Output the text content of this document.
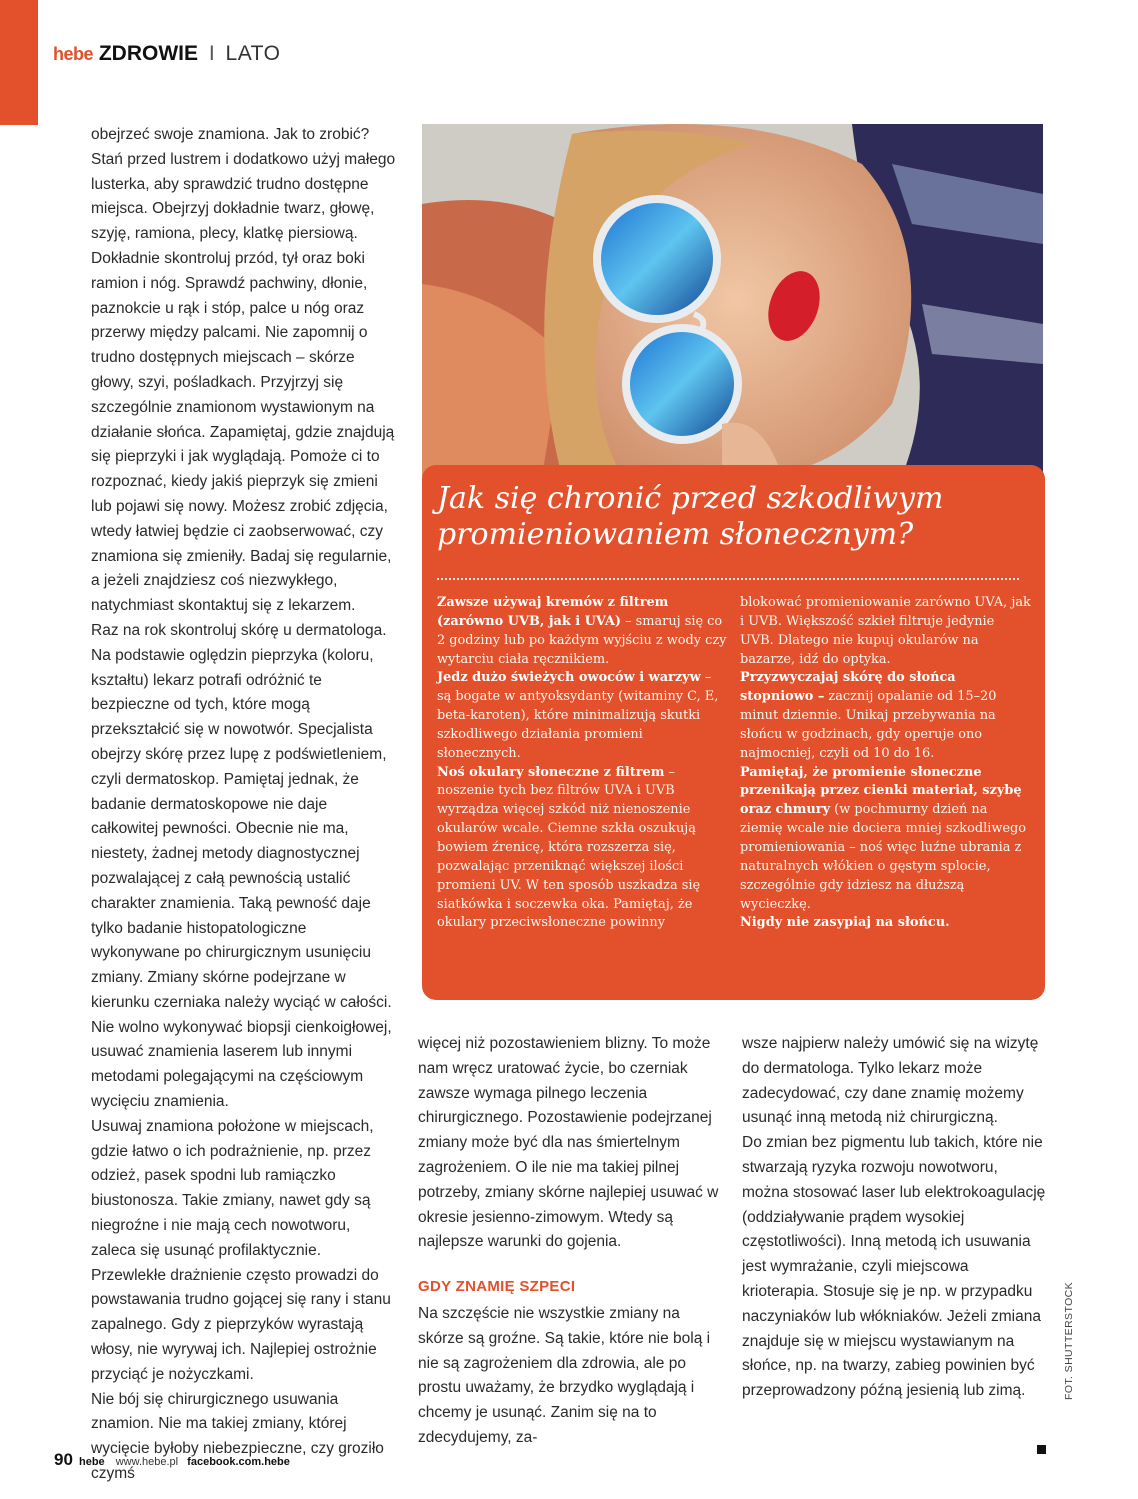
hebe ZDROWIE I LATO

obejrzeć swoje znamiona. Jak to zrobić? Stań przed lustrem i dodatkowo użyj małego lusterka, aby sprawdzić trudno dostępne miejsca. Obejrzyj dokładnie twarz, głowę, szyję, ramiona, plecy, klatkę piersiową. Dokładnie skontroluj przód, tył oraz boki ramion i nóg. Sprawdź pachwiny, dłonie, paznokcie u rąk i stóp, palce u nóg oraz przerwy między palcami. Nie zapomnij o trudno dostępnych miejscach – skórze głowy, szyi, pośladkach. Przyjrzyj się szczególnie znamionom wystawionym na działanie słońca. Zapamiętaj, gdzie znajdują się pieprzyki i jak wyglądają. Pomoże ci to rozpoznać, kiedy jakiś pieprzyk się zmieni lub pojawi się nowy. Możesz zrobić zdjęcia, wtedy łatwiej będzie ci zaobserwować, czy znamiona się zmieniły. Badaj się regularnie, a jeżeli znajdziesz coś niezwykłego, natychmiast skontaktuj się z lekarzem.

Raz na rok skontroluj skórę u dermatologa. Na podstawie oględzin pieprzyka (koloru, kształtu) lekarz potrafi odróżnić te bezpieczne od tych, które mogą przekształcić się w nowotwór. Specjalista obejrzy skórę przez lupę z podświetleniem, czyli dermatoskop. Pamiętaj jednak, że badanie dermatoskopowe nie daje całkowitej pewności. Obecnie nie ma, niestety, żadnej metody diagnostycznej pozwalającej z całą pewnością ustalić charakter znamienia. Taką pewność daje tylko badanie histopatologiczne wykonywane po chirurgicznym usunięciu zmiany. Zmiany skórne podejrzane w kierunku czerniaka należy wyciąć w całości. Nie wolno wykonywać biopsji cienkoigłowej, usuwać znamienia laserem lub innymi metodami polegającymi na częściowym wycięciu znamienia.

Usuwaj znamiona położone w miejscach, gdzie łatwo o ich podrażnienie, np. przez odzież, pasek spodni lub ramiączko biustonosza. Takie zmiany, nawet gdy są niegroźne i nie mają cech nowotworu, zaleca się usunąć profilaktycznie. Przewlekłe drażnienie często prowadzi do powstawania trudno gojącej się rany i stanu zapalnego. Gdy z pieprzyków wyrastają włosy, nie wyrywaj ich. Najlepiej ostrożnie przyciąć je nożyczkami.

Nie bój się chirurgicznego usuwania znamion. Nie ma takiej zmiany, której wycięcie byłoby niebezpieczne, czy groziło czymś

Jak się chronić przed szkodliwym promieniowaniem słonecznym?

Zawsze używaj kremów z filtrem (zarówno UVB, jak i UVA) – smaruj się co 2 godziny lub po każdym wyjściu z wody czy wytarciu ciała ręcznikiem.

Jedz dużo świeżych owoców i warzyw – są bogate w antyoksydanty (witaminy C, E, beta-karoten), które minimalizują skutki szkodliwego działania promieni słonecznych.

Noś okulary słoneczne z filtrem – noszenie tych bez filtrów UVA i UVB wyrządza więcej szkód niż nienoszenie okularów wcale. Ciemne szkła oszukują bowiem źrenicę, która rozszerza się, pozwalając przeniknąć większej ilości promieni UV. W ten sposób uszkadza się siatkówka i soczewka oka. Pamiętaj, że okulary przeciwsłoneczne powinny

blokować promieniowanie zarówno UVA, jak i UVB. Większość szkieł filtruje jedynie UVB. Dlatego nie kupuj okularów na bazarze, idź do optyka.

Przyzwyczajaj skórę do słońca stopniowo – zacznij opalanie od 15–20 minut dziennie. Unikaj przebywania na słońcu w godzinach, gdy operuje ono najmocniej, czyli od 10 do 16.

Pamiętaj, że promienie słoneczne przenikają przez cienki materiał, szybę oraz chmury (w pochmurny dzień na ziemię wcale nie dociera mniej szkodliwego promieniowania – noś więc luźne ubrania z naturalnych włókien o gęstym splocie, szczególnie gdy idziesz na dłuższą wycieczkę.

Nigdy nie zasypiaj na słońcu.

więcej niż pozostawieniem blizny. To może nam wręcz uratować życie, bo czerniak zawsze wymaga pilnego leczenia chirurgicznego. Pozostawienie podejrzanej zmiany może być dla nas śmiertelnym zagrożeniem. O ile nie ma takiej pilnej potrzeby, zmiany skórne najlepiej usuwać w okresie jesienno-zimowym. Wtedy są najlepsze warunki do gojenia.

GDY ZNAMIĘ SZPECI

Na szczęście nie wszystkie zmiany na skórze są groźne. Są takie, które nie bolą i nie są zagrożeniem dla zdrowia, ale po prostu uważamy, że brzydko wyglądają i chcemy je usunąć. Zanim się na to zdecydujemy, za-

wsze najpierw należy umówić się na wizytę do dermatologa. Tylko lekarz może zadecydować, czy dane znamię możemy usunąć inną metodą niż chirurgiczną.

Do zmian bez pigmentu lub takich, które nie stwarzają ryzyka rozwoju nowotworu, można stosować laser lub elektrokoagulację (oddziaływanie prądem wysokiej częstotliwości). Inną metodą ich usuwania jest wymrażanie, czyli miejscowa krioterapia. Stosuje się je np. w przypadku naczyniaków lub włókniaków. Jeżeli zmiana znajduje się w miejscu wystawianym na słońce, np. na twarzy, zabieg powinien być przeprowadzony późną jesienią lub zimą.	FOT. SHUTTERSTOCK
90 hebe www.hebe.pl facebook.com.hebe
